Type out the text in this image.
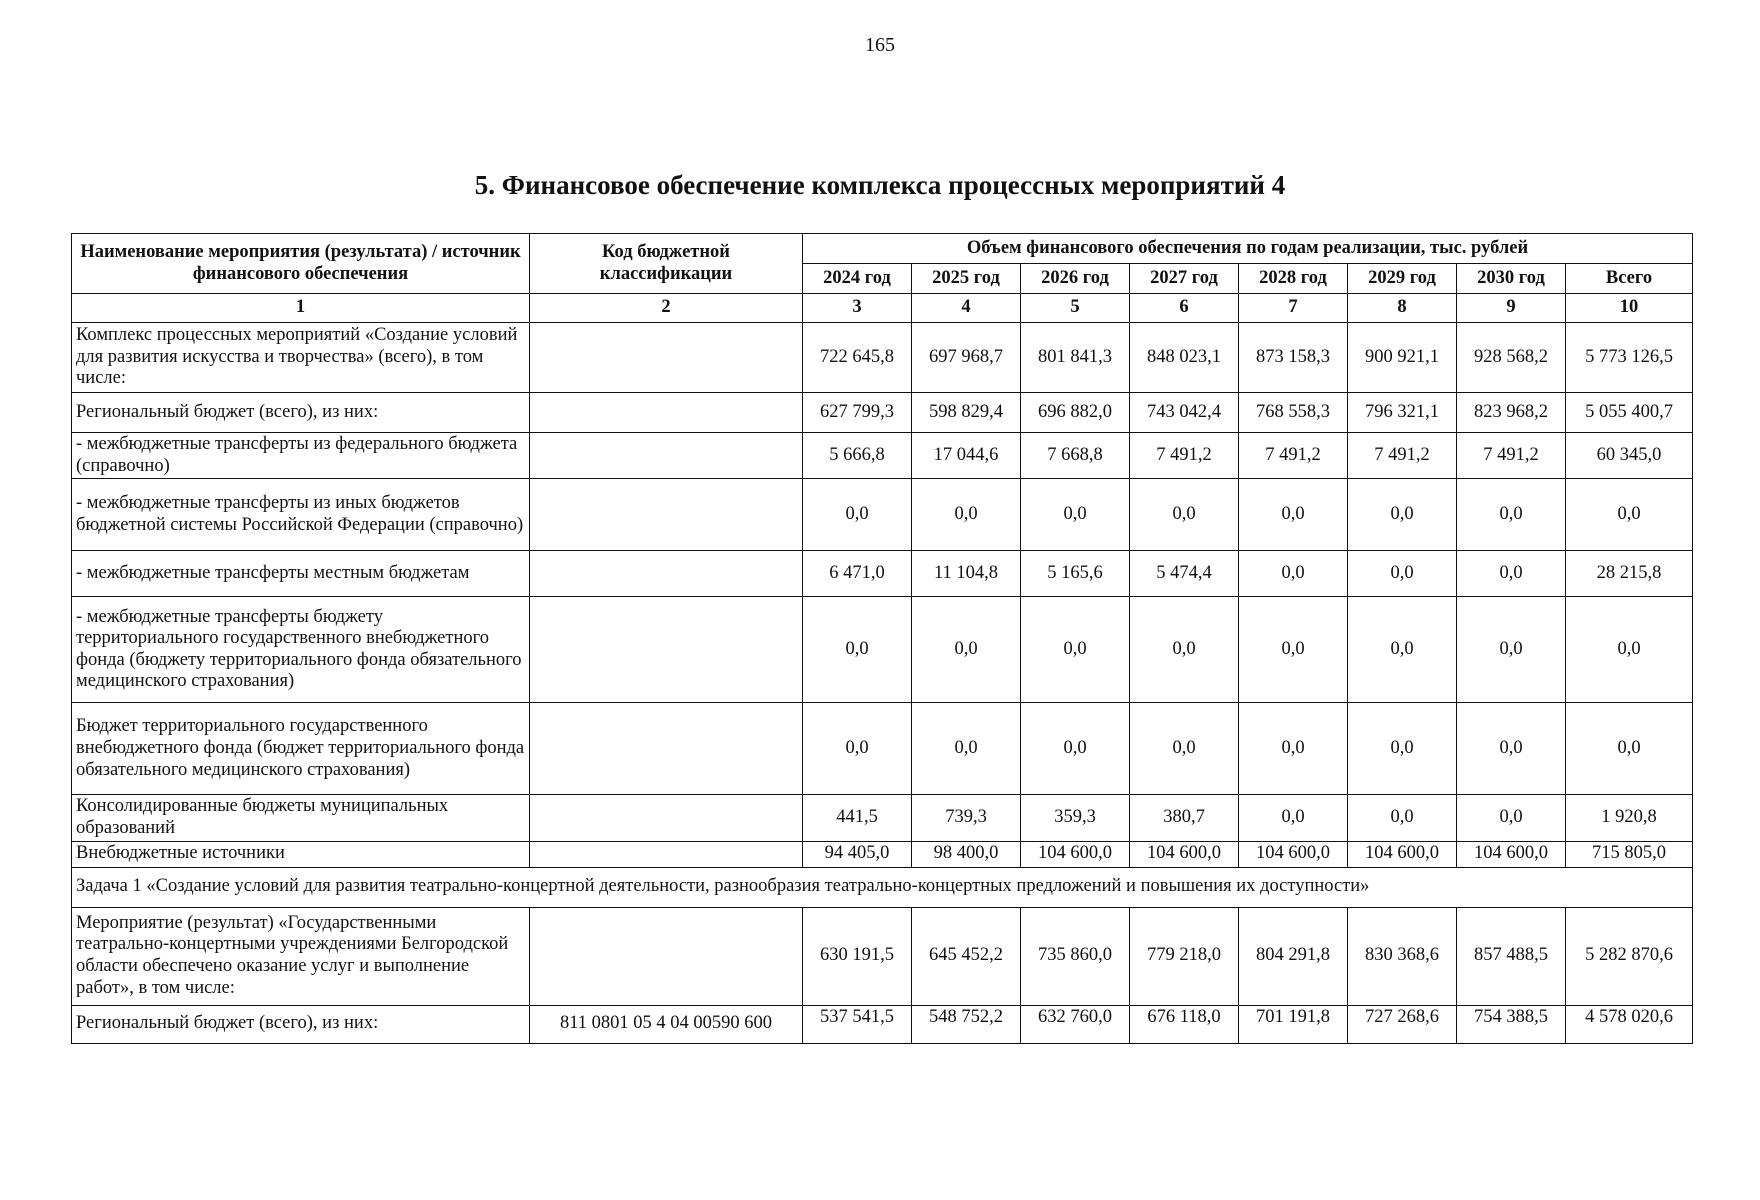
165
5. Финансовое обеспечение комплекса процессных мероприятий 4
Наименование мероприятия (результата) / источник финансового обеспечения	Код бюджетной классификации	Объем финансового обеспечения по годам реализации, тыс. рублей							
		2024 год	2025 год	2026 год	2027 год	2028 год	2029 год	2030 год	Всего
1	2	3	4	5	6	7	8	9	10
Комплекс процессных мероприятий «Создание условий для развития искусства и творчества» (всего), в том числе:		722 645,8	697 968,7	801 841,3	848 023,1	873 158,3	900 921,1	928 568,2	5 773 126,5
Региональный бюджет (всего), из них:		627 799,3	598 829,4	696 882,0	743 042,4	768 558,3	796 321,1	823 968,2	5 055 400,7
- межбюджетные трансферты из федерального бюджета (справочно)		5 666,8	17 044,6	7 668,8	7 491,2	7 491,2	7 491,2	7 491,2	60 345,0
- межбюджетные трансферты из иных бюджетов бюджетной системы Российской Федерации (справочно)		0,0	0,0	0,0	0,0	0,0	0,0	0,0	0,0
- межбюджетные трансферты местным бюджетам		6 471,0	11 104,8	5 165,6	5 474,4	0,0	0,0	0,0	28 215,8
- межбюджетные трансферты бюджету территориального государственного внебюджетного фонда (бюджету территориального фонда обязательного медицинского страхования)		0,0	0,0	0,0	0,0	0,0	0,0	0,0	0,0
Бюджет территориального государственного внебюджетного фонда (бюджет территориального фонда обязательного медицинского страхования)		0,0	0,0	0,0	0,0	0,0	0,0	0,0	0,0
Консолидированные бюджеты муниципальных образований		441,5	739,3	359,3	380,7	0,0	0,0	0,0	1 920,8
Внебюджетные источники		94 405,0	98 400,0	104 600,0	104 600,0	104 600,0	104 600,0	104 600,0	715 805,0
Задача 1 «Создание условий для развития театрально-концертной деятельности, разнообразия театрально-концертных предложений и повышения их доступности»									
Мероприятие (результат) «Государственными театрально-концертными учреждениями Белгородской области обеспечено оказание услуг и выполнение работ», в том числе:		630 191,5	645 452,2	735 860,0	779 218,0	804 291,8	830 368,6	857 488,5	5 282 870,6
Региональный бюджет (всего), из них:	811 0801 05 4 04 00590 600	537 541,5	548 752,2	632 760,0	676 118,0	701 191,8	727 268,6	754 388,5	4 578 020,6
